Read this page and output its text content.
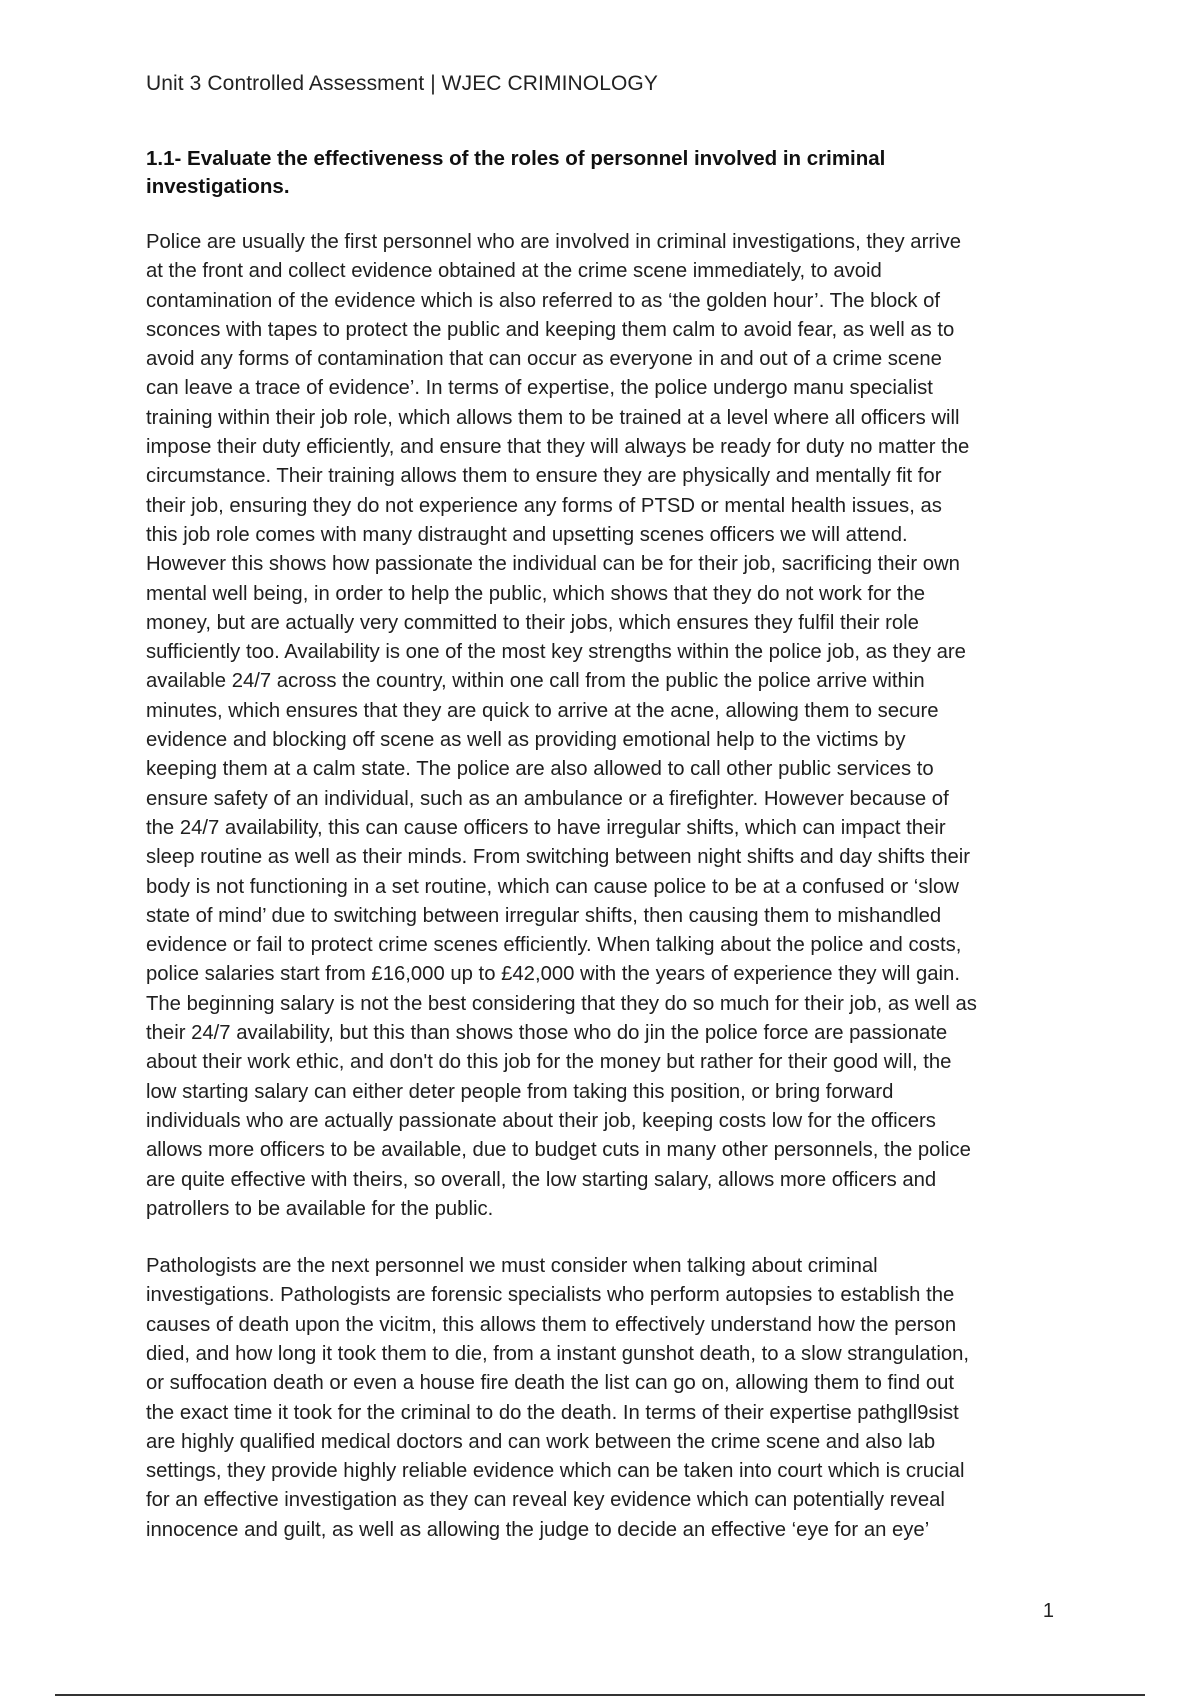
Unit 3 Controlled Assessment | WJEC CRIMINOLOGY
1.1- Evaluate the effectiveness of the roles of personnel involved in criminal
investigations.
Police are usually the first personnel who are involved in criminal investigations, they arrive
at the front and collect evidence obtained at the crime scene immediately, to avoid
contamination of the evidence which is also referred to as ‘the golden hour’. The block of
sconces with tapes to protect the public and keeping them calm to avoid fear, as well as to
avoid any forms of contamination that can occur as everyone in and out of a crime scene
can leave a trace of evidence’. In terms of expertise, the police undergo manu specialist
training within their job role, which allows them to be trained at a level where all officers will
impose their duty efficiently, and ensure that they will always be ready for duty no matter the
circumstance. Their training allows them to ensure they are physically and mentally fit for
their job, ensuring they do not experience any forms of PTSD or mental health issues, as
this job role comes with many distraught and upsetting scenes officers we will attend.
However this shows how passionate the individual can be for their job, sacrificing their own
mental well being, in order to help the public, which shows that they do not work for the
money, but are actually very committed to their jobs, which ensures they fulfil their role
sufficiently too. Availability is one of the most key strengths within the police job, as they are
available 24/7 across the country, within one call from the public the police arrive within
minutes, which ensures that they are quick to arrive at the acne, allowing them to secure
evidence and blocking off scene as well as providing emotional help to the victims by
keeping them at a calm state. The police are also allowed to call other public services to
ensure safety of an individual, such as an ambulance or a firefighter. However because of
the 24/7 availability, this can cause officers to have irregular shifts, which can impact their
sleep routine as well as their minds. From switching between night shifts and day shifts their
body is not functioning in a set routine, which can cause police to be at a confused or ‘slow
state of mind’ due to switching between irregular shifts, then causing them to mishandled
evidence or fail to protect crime scenes efficiently. When talking about the police and costs,
police salaries start from £16,000 up to £42,000 with the years of experience they will gain.
The beginning salary is not the best considering that they do so much for their job, as well as
their 24/7 availability, but this than shows those who do jin the police force are passionate
about their work ethic, and don't do this job for the money but rather for their good will, the
low starting salary can either deter people from taking this position, or bring forward
individuals who are actually passionate about their job, keeping costs low for the officers
allows more officers to be available, due to budget cuts in many other personnels, the police
are quite effective with theirs, so overall, the low starting salary, allows more officers and
patrollers to be available for the public.
Pathologists are the next personnel we must consider when talking about criminal
investigations. Pathologists are forensic specialists who perform autopsies to establish the
causes of death upon the vicitm, this allows them to effectively understand how the person
died, and how long it took them to die, from a instant gunshot death, to a slow strangulation,
or suffocation death or even a house fire death the list can go on, allowing them to find out
the exact time it took for the criminal to do the death. In terms of their expertise pathgll9sist
are highly qualified medical doctors and can work between the crime scene and also lab
settings, they provide highly reliable evidence which can be taken into court which is crucial
for an effective investigation as they can reveal key evidence which can potentially reveal
innocence and guilt, as well as allowing the judge to decide an effective ‘eye for an eye’
1
